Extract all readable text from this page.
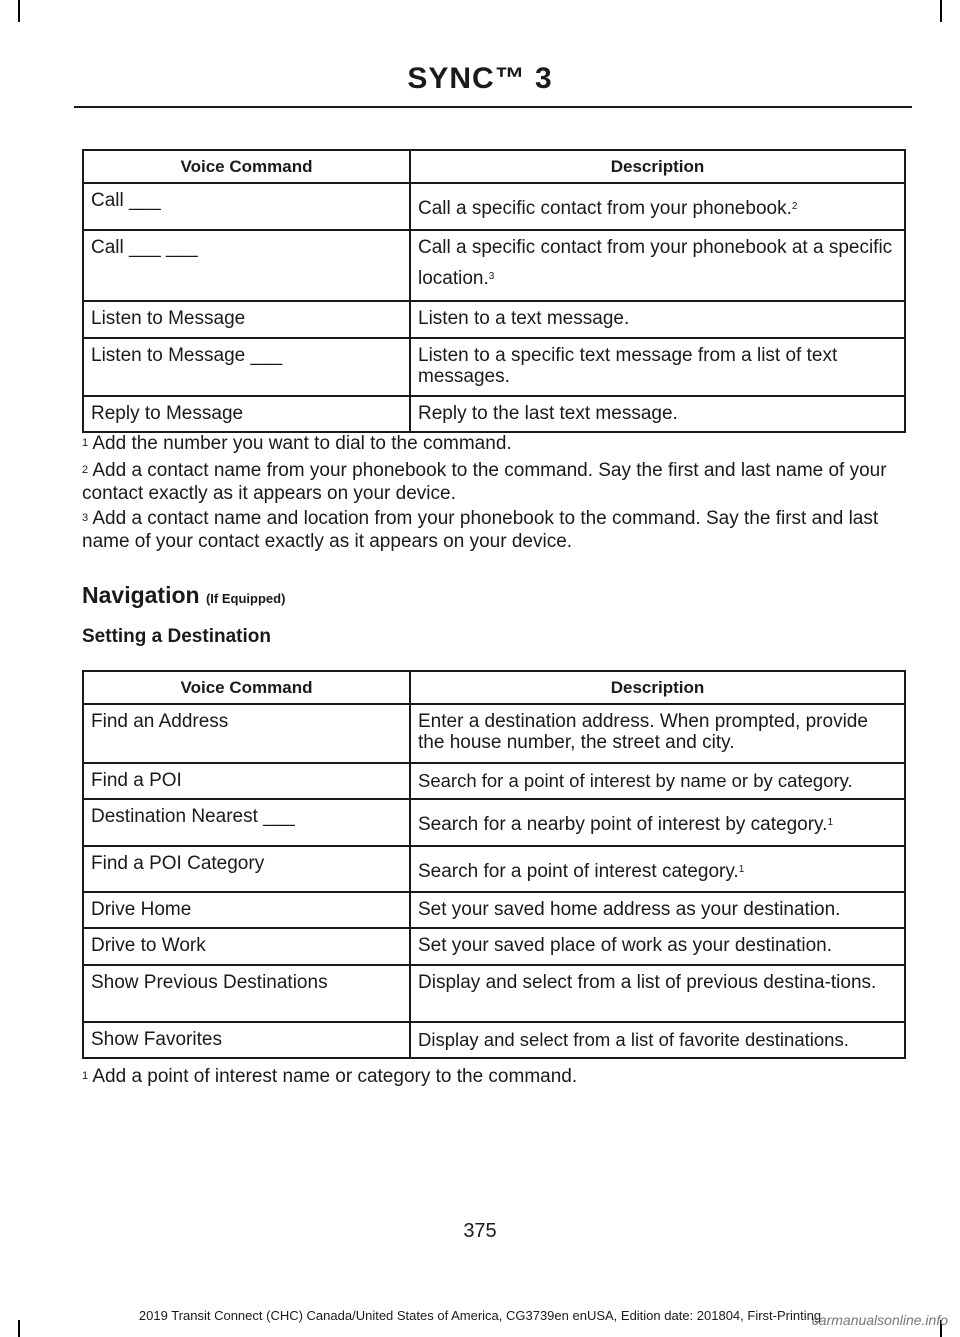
SYNC™ 3
Voice Command	Description
Call ___	Call a specific contact from your phonebook.$^2$
Call ___ ___	Call a specific contact from your phonebook at a specific location.$^3$
Listen to Message	Listen to a text message.
Listen to Message ___	Listen to a specific text message from a list of text messages.
Reply to Message	Reply to the last text message.

$^1$ Add the number you want to dial to the command.

$^2$ Add a contact name from your phonebook to the command. Say the first and last name of your contact exactly as it appears on your device.

$^3$ Add a contact name and location from your phonebook to the command. Say the first and last name of your contact exactly as it appears on your device.

Navigation (If Equipped)
Setting a Destination
Voice Command	Description
Find an Address	Enter a destination address. When prompted, provide the house number, the street and city.
Find a POI	Search for a point of interest by name or by category.
Destination Nearest ___	Search for a nearby point of interest by category.$^1$
Find a POI Category	Search for a point of interest category.$^1$
Drive Home	Set your saved home address as your destination.
Drive to Work	Set your saved place of work as your destination.
Show Previous Destinations	Display and select from a list of previous destina-tions.
Show Favorites	Display and select from a list of favorite destinations.

$^1$ Add a point of interest name or category to the command.

375
2019 Transit Connect (CHC) Canada/United States of America, CG3739en enUSA, Edition date: 201804, First-Printing
carmanualsonline.info
